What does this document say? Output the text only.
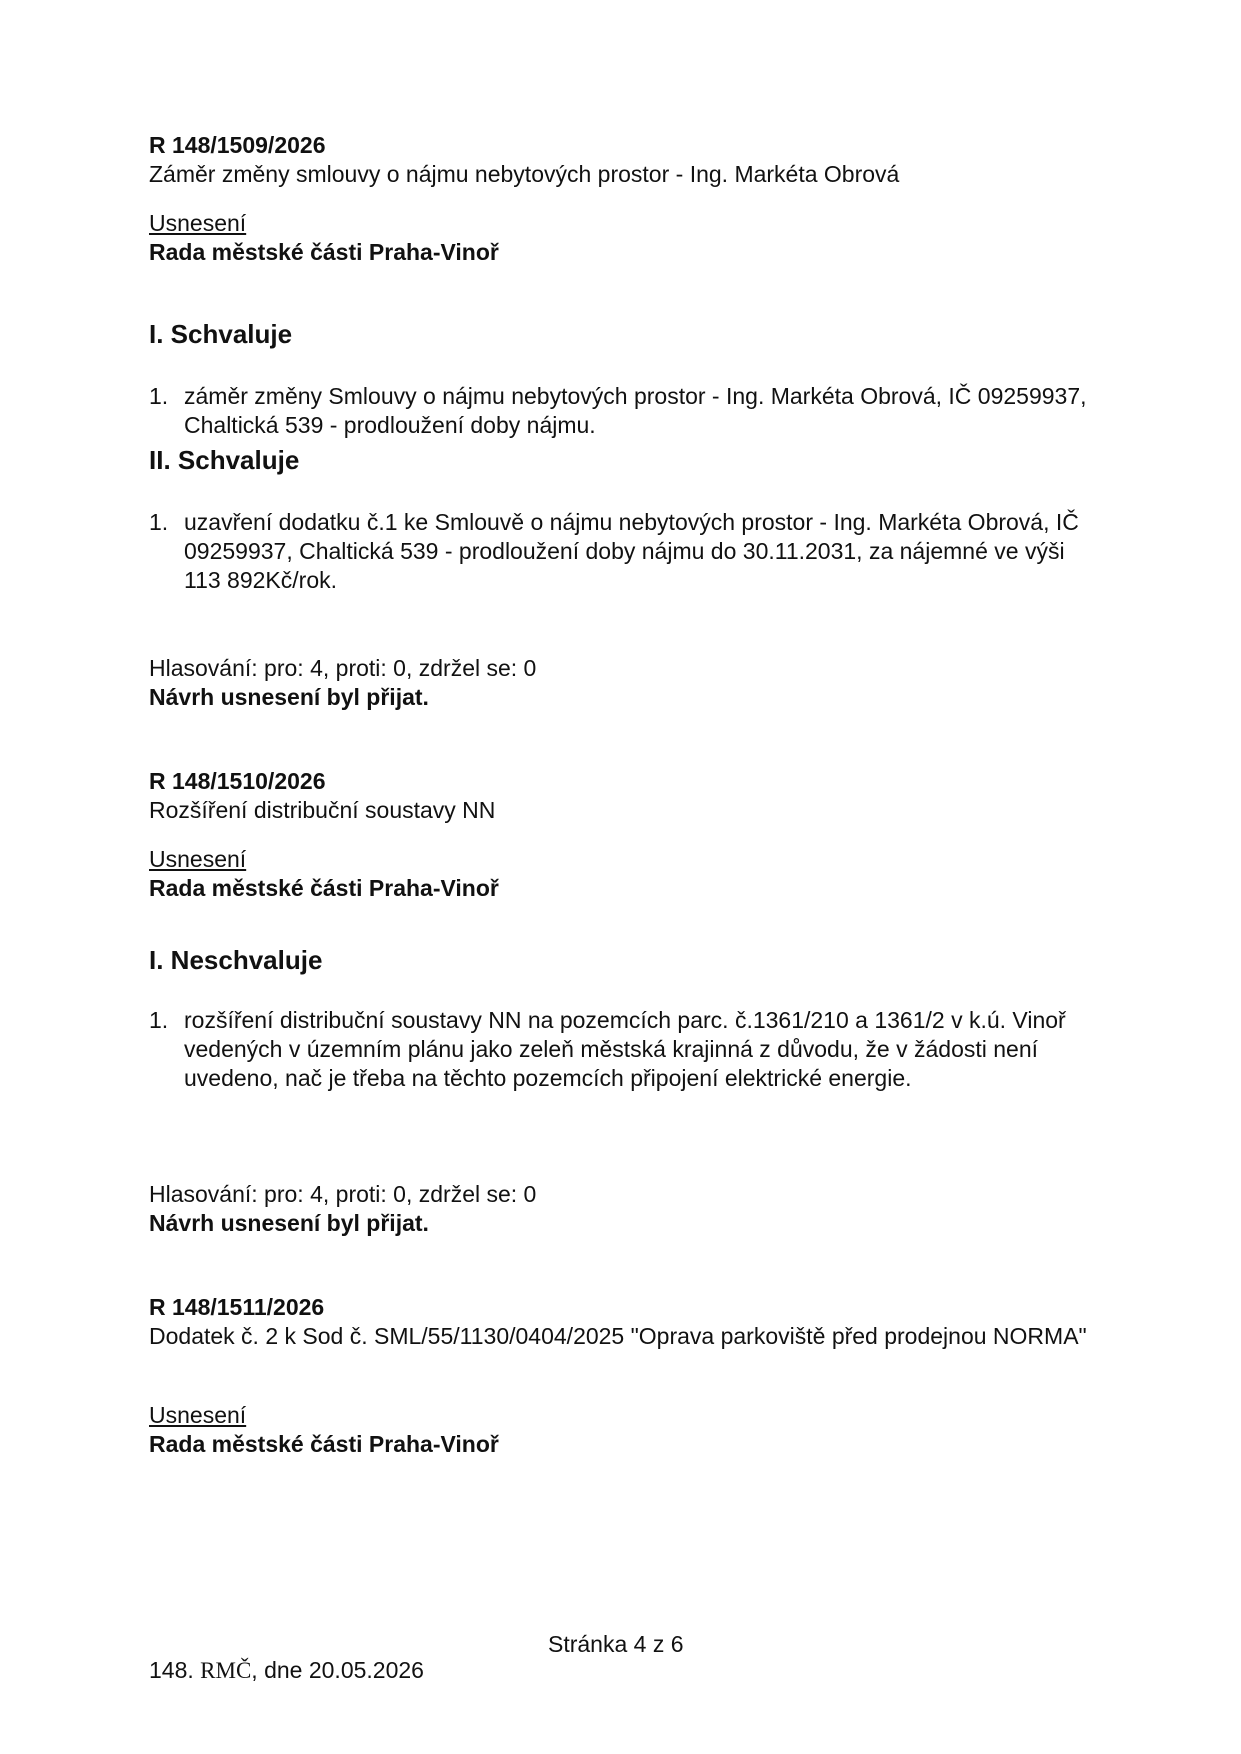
R 148/1509/2026

Záměr změny smlouvy o nájmu nebytových prostor - Ing. Markéta Obrová

Usnesení

Rada městské části Praha-Vinoř

I. Schvaluje

1. záměr změny Smlouvy o nájmu nebytových prostor - Ing. Markéta Obrová, IČ 09259937, Chaltická 539 - prodloužení doby nájmu.

II. Schvaluje

1. uzavření dodatku č.1 ke Smlouvě o nájmu nebytových prostor - Ing. Markéta Obrová, IČ 09259937, Chaltická 539 - prodloužení doby nájmu do 30.11.2031, za nájemné ve výši 113 892Kč/rok.

Hlasování: pro: 4, proti: 0, zdržel se: 0

Návrh usnesení byl přijat.

R 148/1510/2026

Rozšíření distribuční soustavy NN

Usnesení

Rada městské části Praha-Vinoř

I. Neschvaluje

1. rozšíření distribuční soustavy NN na pozemcích parc. č.1361/210 a 1361/2 v k.ú. Vinoř vedených v územním plánu jako zeleň městská krajinná z důvodu, že v žádosti není uvedeno, nač je třeba na těchto pozemcích připojení elektrické energie.

Hlasování: pro: 4, proti: 0, zdržel se: 0

Návrh usnesení byl přijat.

R 148/1511/2026

Dodatek č. 2 k Sod č. SML/55/1130/0404/2025 "Oprava parkoviště před prodejnou NORMA"

Usnesení

Rada městské části Praha-Vinoř

Stránka 4 z 6
148. RMČ, dne 20.05.2026
